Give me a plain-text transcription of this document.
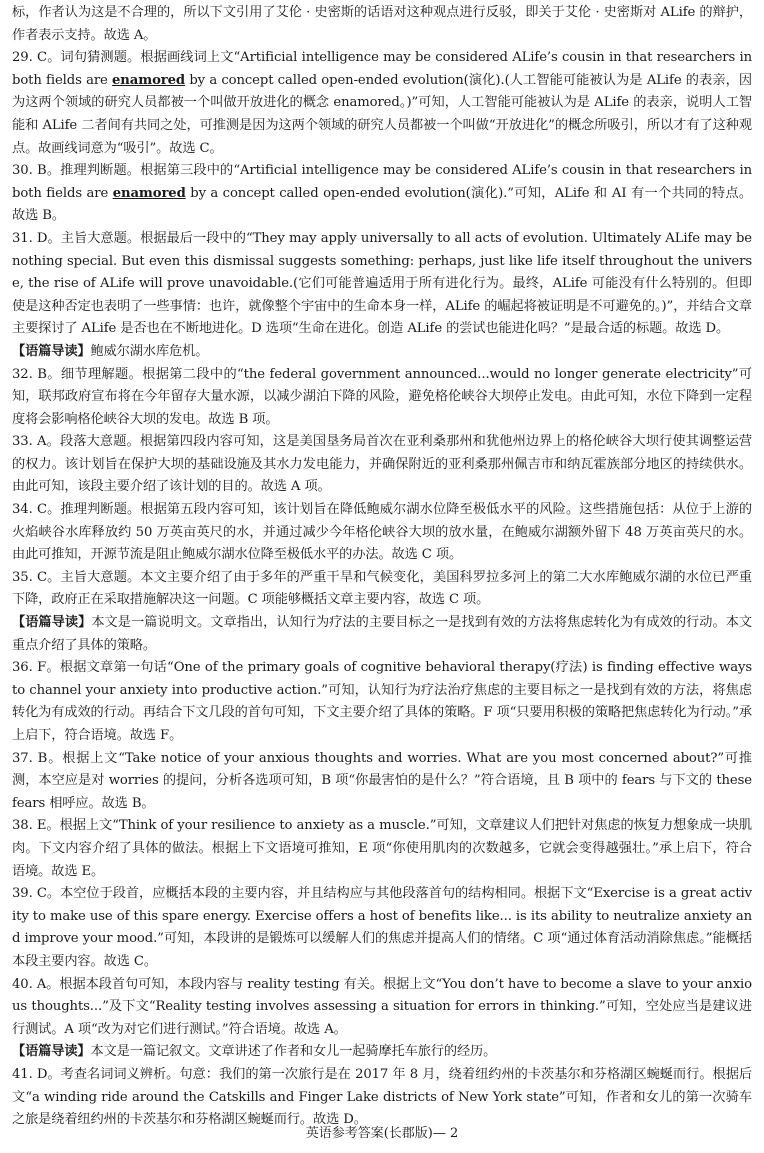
标，作者认为这是不合理的，所以下文引用了艾伦 · 史密斯的话语对这种观点进行反驳，即关于艾伦 · 史密斯对 ALife 的辩护，作者表示支持。故选 A。

29. C。词句猜测题。根据画线词上文“Artificial intelligence may be considered ALife’s cousin in that researchers in both fields are enamored by a concept called open-ended evolution(演化).(人工智能可能被认为是 ALife 的表亲，因为这两个领域的研究人员都被一个叫做开放进化的概念 enamored。)”可知，人工智能可能被认为是 ALife 的表亲，说明人工智能和 ALife 二者间有共同之处，可推测是因为这两个领域的研究人员都被一个叫做“开放进化”的概念所吸引，所以才有了这种观点。故画线词意为“吸引”。故选 C。

30. B。推理判断题。根据第三段中的“Artificial intelligence may be considered ALife’s cousin in that researchers in both fields are enamored by a concept called open-ended evolution(演化).”可知，ALife 和 AI 有一个共同的特点。故选 B。

31. D。主旨大意题。根据最后一段中的“They may apply universally to all acts of evolution. Ultimately ALife may be nothing special. But even this dismissal suggests something: perhaps, just like life itself throughout the universe, the rise of ALife will prove unavoidable.(它们可能普遍适用于所有进化行为。最终，ALife 可能没有什么特别的。但即使是这种否定也表明了一些事情：也许，就像整个宇宙中的生命本身一样，ALife 的崛起将被证明是不可避免的。)”，并结合文章主要探讨了 ALife 是否也在不断地进化。D 选项“生命在进化。创造 ALife 的尝试也能进化吗？”是最合适的标题。故选 D。

【语篇导读】鲍威尔湖水库危机。

32. B。细节理解题。根据第二段中的“the federal government announced...would no longer generate electricity”可知，联邦政府宣布将在今年留存大量水源，以减少湖泊下降的风险，避免格伦峡谷大坝停止发电。由此可知，水位下降到一定程度将会影响格伦峡谷大坝的发电。故选 B 项。

33. A。段落大意题。根据第四段内容可知，这是美国垦务局首次在亚利桑那州和犹他州边界上的格伦峡谷大坝行使其调整运营的权力。该计划旨在保护大坝的基础设施及其水力发电能力，并确保附近的亚利桑那州佩吉市和纳瓦霍族部分地区的持续供水。由此可知，该段主要介绍了该计划的目的。故选 A 项。

34. C。推理判断题。根据第五段内容可知，该计划旨在降低鲍威尔湖水位降至极低水平的风险。这些措施包括：从位于上游的火焰峡谷水库释放约 50 万英亩英尺的水，并通过减少今年格伦峡谷大坝的放水量，在鲍威尔湖额外留下 48 万英亩英尺的水。由此可推知，开源节流是阻止鲍威尔湖水位降至极低水平的办法。故选 C 项。

35. C。主旨大意题。本文主要介绍了由于多年的严重干旱和气候变化，美国科罗拉多河上的第二大水库鲍威尔湖的水位已严重下降，政府正在采取措施解决这一问题。C 项能够概括文章主要内容，故选 C 项。

【语篇导读】本文是一篇说明文。文章指出，认知行为疗法的主要目标之一是找到有效的方法将焦虑转化为有成效的行动。本文重点介绍了具体的策略。

36. F。根据文章第一句话“One of the primary goals of cognitive behavioral therapy(疗法) is finding effective ways to channel your anxiety into productive action.”可知，认知行为疗法治疗焦虑的主要目标之一是找到有效的方法，将焦虑转化为有成效的行动。再结合下文几段的首句可知，下文主要介绍了具体的策略。F 项“只要用积极的策略把焦虑转化为行动。”承上启下，符合语境。故选 F。

37. B。根据上文“Take notice of your anxious thoughts and worries. What are you most concerned about?”可推测，本空应是对 worries 的提问，分析各选项可知，B 项“你最害怕的是什么？”符合语境，且 B 项中的 fears 与下文的 these fears 相呼应。故选 B。

38. E。根据上文“Think of your resilience to anxiety as a muscle.”可知，文章建议人们把针对焦虑的恢复力想象成一块肌肉。下文内容介绍了具体的做法。根据上下文语境可推知，E 项“你使用肌肉的次数越多，它就会变得越强壮。”承上启下，符合语境。故选 E。

39. C。本空位于段首，应概括本段的主要内容，并且结构应与其他段落首句的结构相同。根据下文“Exercise is a great activity to make use of this spare energy. Exercise offers a host of benefits like... is its ability to neutralize anxiety and improve your mood.”可知，本段讲的是锻炼可以缓解人们的焦虑并提高人们的情绪。C 项“通过体育活动消除焦虑。”能概括本段主要内容。故选 C。

40. A。根据本段首句可知，本段内容与 reality testing 有关。根据上文“You don’t have to become a slave to your anxious thoughts...”及下文“Reality testing involves assessing a situation for errors in thinking.”可知，空处应当是建议进行测试。A 项“改为对它们进行测试。”符合语境。故选 A。

【语篇导读】本文是一篇记叙文。文章讲述了作者和女儿一起骑摩托车旅行的经历。

41. D。考查名词词义辨析。句意：我们的第一次旅行是在 2017 年 8 月，绕着纽约州的卡茨基尔和芬格湖区蜿蜒而行。根据后文“a winding ride around the Catskills and Finger Lake districts of New York state”可知，作者和女儿的第一次骑车之旅是绕着纽约州的卡茨基尔和芬格湖区蜿蜒而行。故选 D。

英语参考答案(长郡版)— 2
